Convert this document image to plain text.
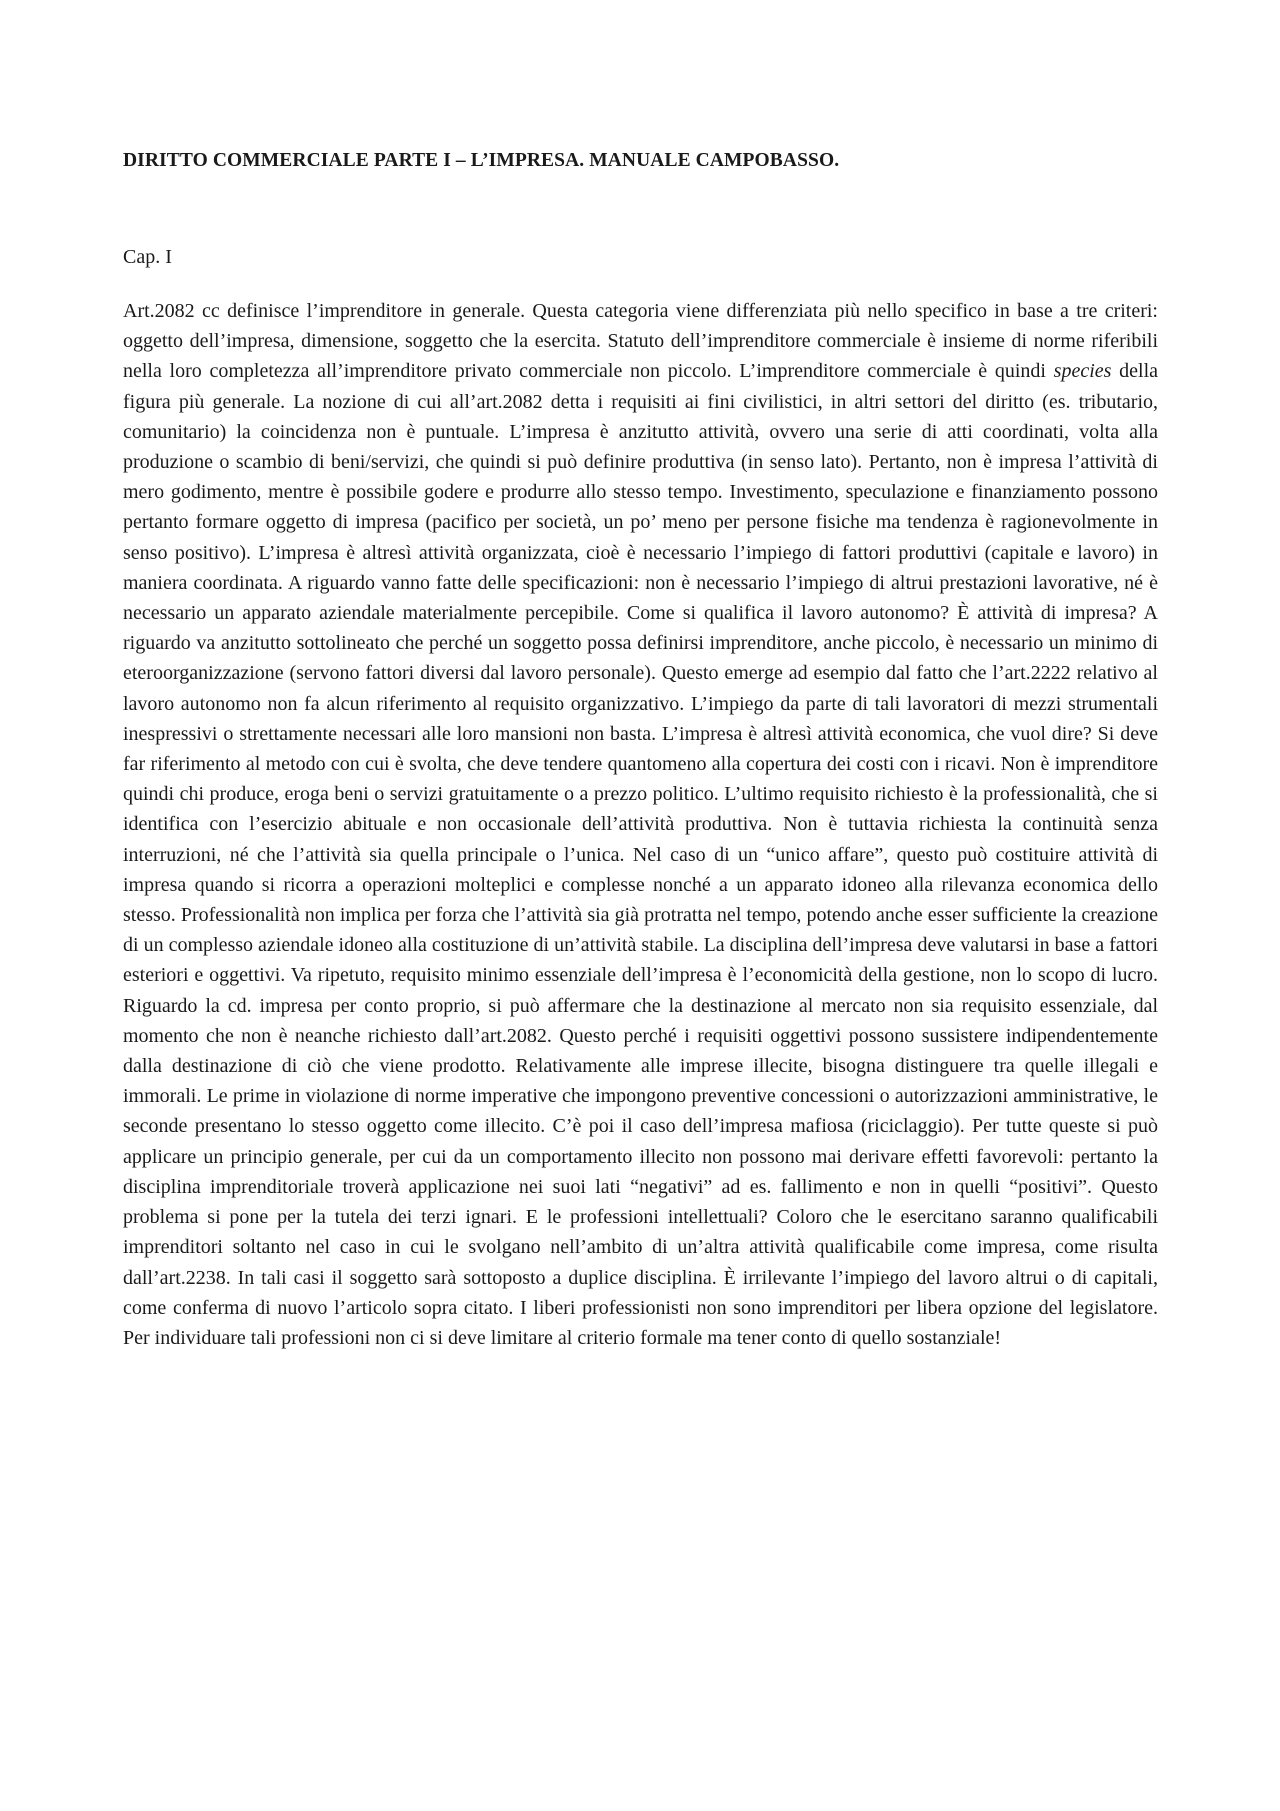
DIRITTO COMMERCIALE PARTE I – L’IMPRESA. MANUALE CAMPOBASSO.

Cap. I

Art.2082 cc definisce l’imprenditore in generale. Questa categoria viene differenziata più nello specifico in base a tre criteri: oggetto dell’impresa, dimensione, soggetto che la esercita. Statuto dell’imprenditore commerciale è insieme di norme riferibili nella loro completezza all’imprenditore privato commerciale non piccolo. L’imprenditore commerciale è quindi species della figura più generale. La nozione di cui all’art.2082 detta i requisiti ai fini civilistici, in altri settori del diritto (es. tributario, comunitario) la coincidenza non è puntuale. L’impresa è anzitutto attività, ovvero una serie di atti coordinati, volta alla produzione o scambio di beni/servizi, che quindi si può definire produttiva (in senso lato). Pertanto, non è impresa l’attività di mero godimento, mentre è possibile godere e produrre allo stesso tempo. Investimento, speculazione e finanziamento possono pertanto formare oggetto di impresa (pacifico per società, un po’ meno per persone fisiche ma tendenza è ragionevolmente in senso positivo). L’impresa è altresì attività organizzata, cioè è necessario l’impiego di fattori produttivi (capitale e lavoro) in maniera coordinata. A riguardo vanno fatte delle specificazioni: non è necessario l’impiego di altrui prestazioni lavorative, né è necessario un apparato aziendale materialmente percepibile. Come si qualifica il lavoro autonomo? È attività di impresa? A riguardo va anzitutto sottolineato che perché un soggetto possa definirsi imprenditore, anche piccolo, è necessario un minimo di eteroorganizzazione (servono fattori diversi dal lavoro personale). Questo emerge ad esempio dal fatto che l’art.2222 relativo al lavoro autonomo non fa alcun riferimento al requisito organizzativo. L’impiego da parte di tali lavoratori di mezzi strumentali inespressivi o strettamente necessari alle loro mansioni non basta. L’impresa è altresì attività economica, che vuol dire? Si deve far riferimento al metodo con cui è svolta, che deve tendere quantomeno alla copertura dei costi con i ricavi. Non è imprenditore quindi chi produce, eroga beni o servizi gratuitamente o a prezzo politico. L’ultimo requisito richiesto è la professionalità, che si identifica con l’esercizio abituale e non occasionale dell’attività produttiva. Non è tuttavia richiesta la continuità senza interruzioni, né che l’attività sia quella principale o l’unica. Nel caso di un “unico affare”, questo può costituire attività di impresa quando si ricorra a operazioni molteplici e complesse nonché a un apparato idoneo alla rilevanza economica dello stesso. Professionalità non implica per forza che l’attività sia già protratta nel tempo, potendo anche esser sufficiente la creazione di un complesso aziendale idoneo alla costituzione di un’attività stabile. La disciplina dell’impresa deve valutarsi in base a fattori esteriori e oggettivi. Va ripetuto, requisito minimo essenziale dell’impresa è l’economicità della gestione, non lo scopo di lucro. Riguardo la cd. impresa per conto proprio, si può affermare che la destinazione al mercato non sia requisito essenziale, dal momento che non è neanche richiesto dall’art.2082. Questo perché i requisiti oggettivi possono sussistere indipendentemente dalla destinazione di ciò che viene prodotto. Relativamente alle imprese illecite, bisogna distinguere tra quelle illegali e immorali. Le prime in violazione di norme imperative che impongono preventive concessioni o autorizzazioni amministrative, le seconde presentano lo stesso oggetto come illecito. C’è poi il caso dell’impresa mafiosa (riciclaggio). Per tutte queste si può applicare un principio generale, per cui da un comportamento illecito non possono mai derivare effetti favorevoli: pertanto la disciplina imprenditoriale troverà applicazione nei suoi lati “negativi” ad es. fallimento e non in quelli “positivi”. Questo problema si pone per la tutela dei terzi ignari. E le professioni intellettuali? Coloro che le esercitano saranno qualificabili imprenditori soltanto nel caso in cui le svolgano nell’ambito di un’altra attività qualificabile come impresa, come risulta dall’art.2238. In tali casi il soggetto sarà sottoposto a duplice disciplina. È irrilevante l’impiego del lavoro altrui o di capitali, come conferma di nuovo l’articolo sopra citato. I liberi professionisti non sono imprenditori per libera opzione del legislatore. Per individuare tali professioni non ci si deve limitare al criterio formale ma tener conto di quello sostanziale!
